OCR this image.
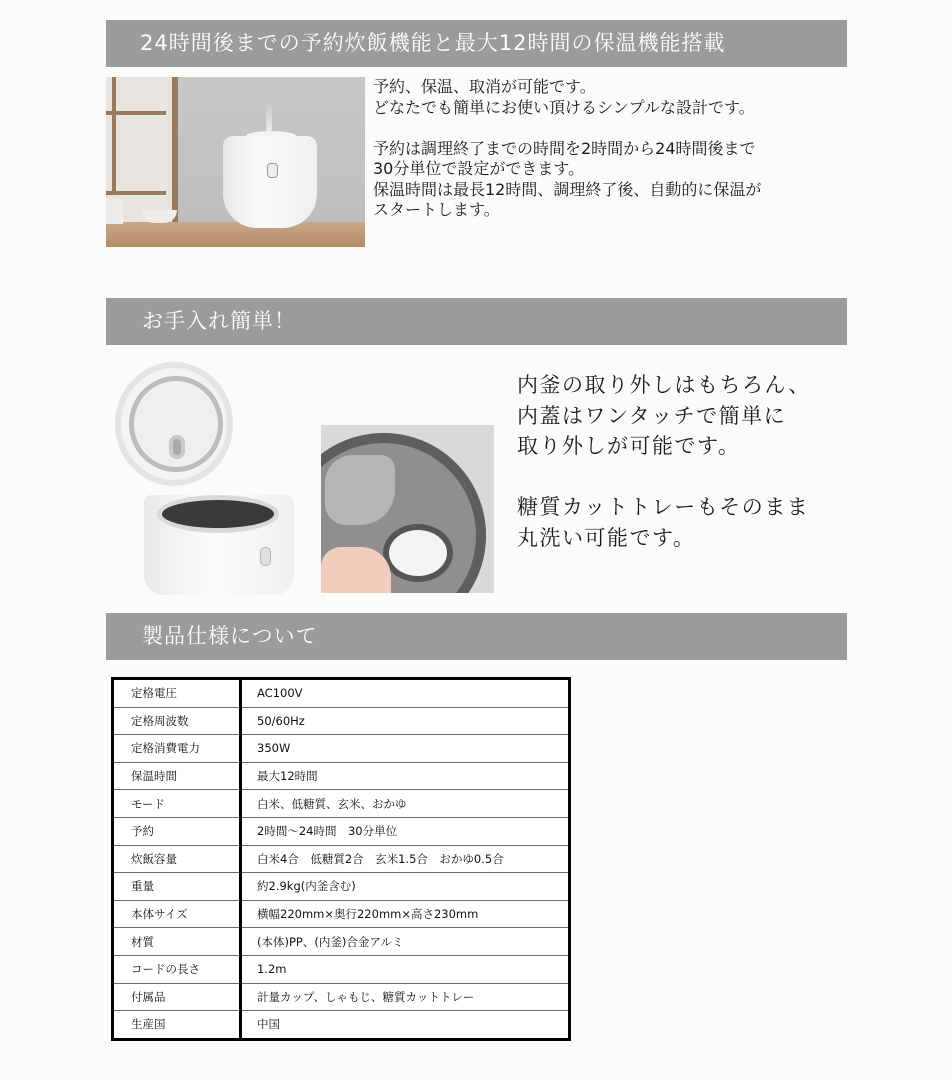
24時間後までの予約炊飯機能と最大12時間の保温機能搭載

予約、保温、取消が可能です。

どなたでも簡単にお使い頂けるシンプルな設計です。

予約は調理終了までの時間を2時間から24時間後まで

30分単位で設定ができます。

保温時間は最長12時間、調理終了後、自動的に保温が

スタートします。

お手入れ簡単！

内釜の取り外しはもちろん、

内蓋はワンタッチで簡単に

取り外しが可能です。

糖質カットトレーもそのまま

丸洗い可能です。

製品仕様について
定格電圧	AC100V
定格周波数	50/60Hz
定格消費電力	350W
保温時間	最大12時間
モード	白米、低糖質、玄米、おかゆ
予約	2時間～24時間　30分単位
炊飯容量	白米4合　低糖質2合　玄米1.5合　おかゆ0.5合
重量	約2.9kg(内釜含む)
本体サイズ	横幅220mm×奥行220mm×高さ230mm
材質	(本体)PP、(内釜)合金アルミ
コードの長さ	1.2m
付属品	計量カップ、しゃもじ、糖質カットトレー
生産国	中国
